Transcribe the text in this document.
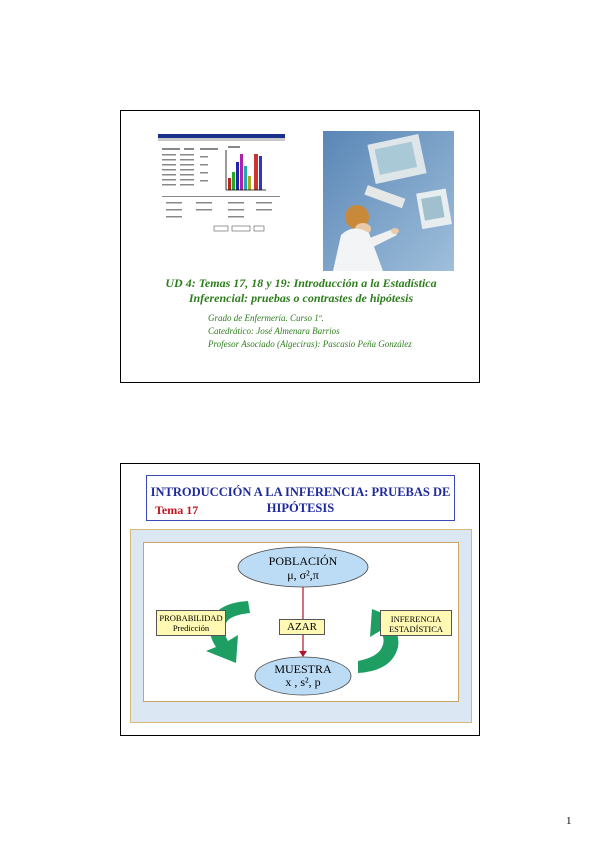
UD 4: Temas 17, 18 y 19: Introducción a la Estadística
Inferencial: pruebas o contrastes de hipótesis
Grado de Enfermería. Curso 1º.
Catedrático: José Almenara Barrios
Profesor Asociado (Algeciras): Pascasio Peña González
INTRODUCCIÓN A LA INFERENCIA: PRUEBAS DE
HIPÓTESIS
Tema 17
POBLACIÓN
μ, σ²,π
MUESTRA
x , s², p
AZAR
PROBABILIDAD
Predicción
INFERENCIA
ESTADÍSTICA
1
